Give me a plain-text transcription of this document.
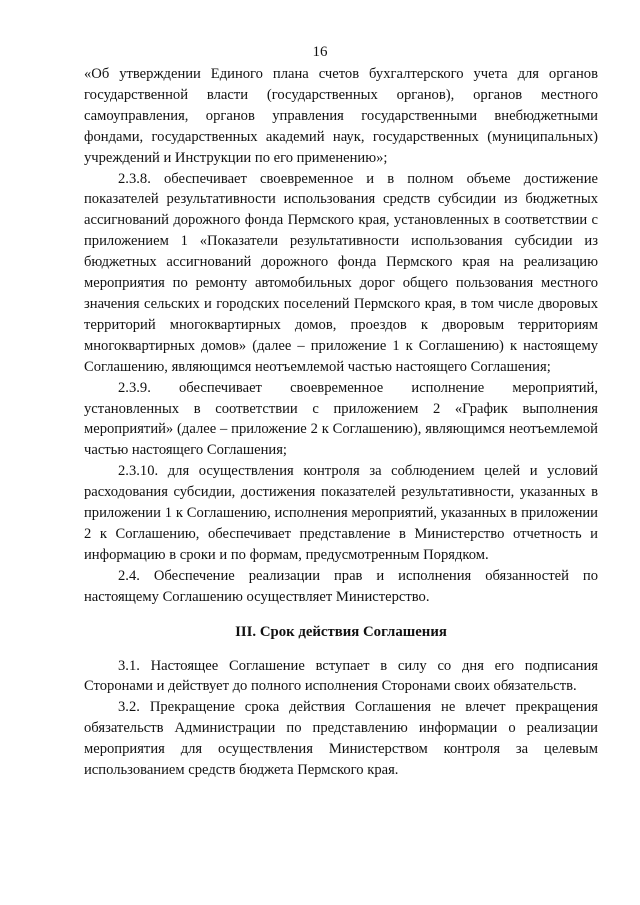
16

«Об утверждении Единого плана счетов бухгалтерского учета для органов государственной власти (государственных органов), органов местного самоуправления, органов управления государственными внебюджетными фондами, государственных академий наук, государственных (муниципальных) учреждений и Инструкции по его применению»;

2.3.8. обеспечивает своевременное и в полном объеме достижение показателей результативности использования средств субсидии из бюджетных ассигнований дорожного фонда Пермского края, установленных в соответствии с приложением 1 «Показатели результативности использования субсидии из бюджетных ассигнований дорожного фонда Пермского края на реализацию мероприятия по ремонту автомобильных дорог общего пользования местного значения сельских и городских поселений Пермского края, в том числе дворовых территорий многоквартирных домов, проездов к дворовым территориям многоквартирных домов» (далее – приложение 1 к Соглашению) к настоящему Соглашению, являющимся неотъемлемой частью настоящего Соглашения;

2.3.9. обеспечивает своевременное исполнение мероприятий, установленных в соответствии с приложением 2 «График выполнения мероприятий» (далее – приложение 2 к Соглашению), являющимся неотъемлемой частью настоящего Соглашения;

2.3.10. для осуществления контроля за соблюдением целей и условий расходования субсидии, достижения показателей результативности, указанных в приложении 1 к Соглашению, исполнения мероприятий, указанных в приложении 2 к Соглашению, обеспечивает представление в Министерство отчетность и информацию в сроки и по формам, предусмотренным Порядком.

2.4. Обеспечение реализации прав и исполнения обязанностей по настоящему Соглашению осуществляет Министерство.

III. Срок действия Соглашения

3.1. Настоящее Соглашение вступает в силу со дня его подписания Сторонами и действует до полного исполнения Сторонами своих обязательств.

3.2. Прекращение срока действия Соглашения не влечет прекращения обязательств Администрации по представлению информации о реализации мероприятия для осуществления Министерством контроля за целевым использованием средств бюджета Пермского края.
